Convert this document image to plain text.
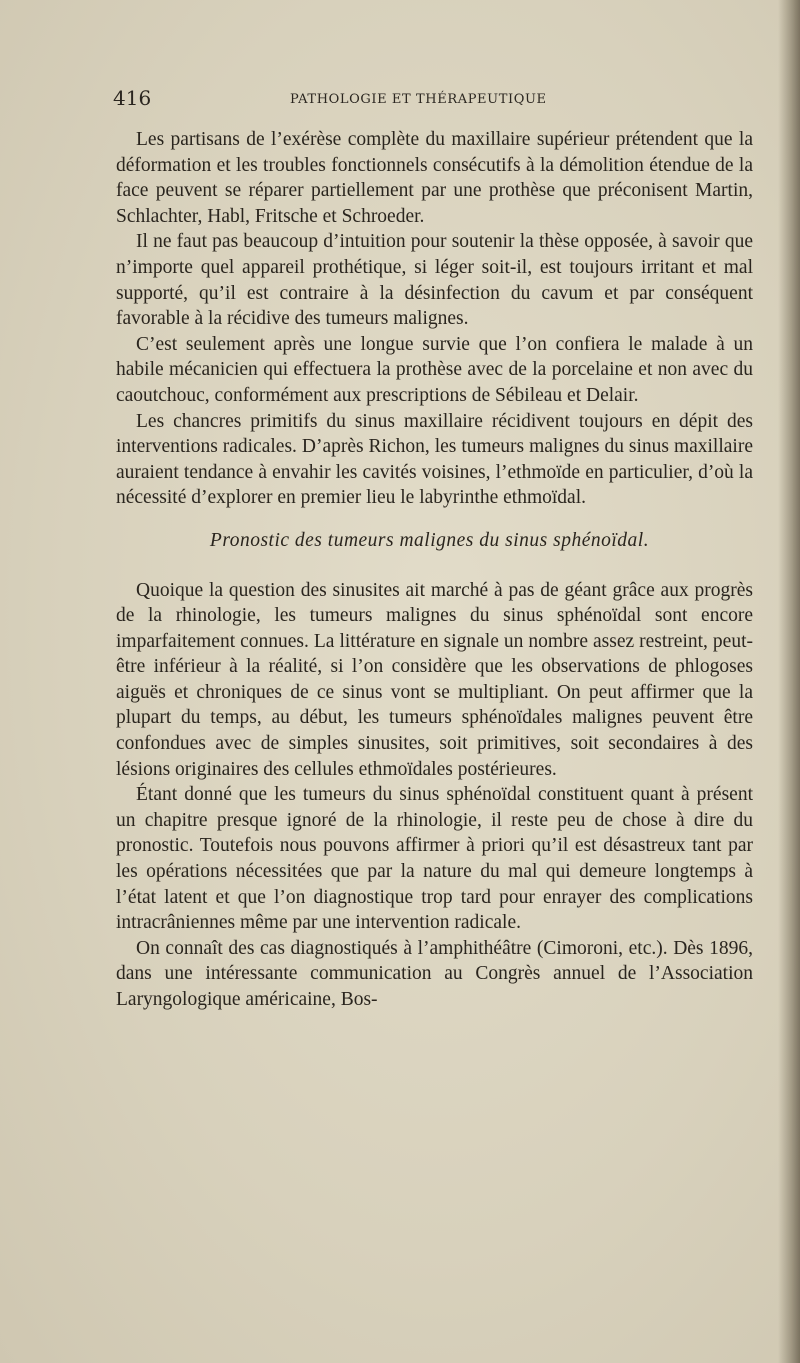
416	PATHOLOGIE ET THÉRAPEUTIQUE

Les partisans de l’exérèse complète du maxillaire supérieur prétendent que la déformation et les troubles fonctionnels consécutifs à la démolition étendue de la face peuvent se réparer partiellement par une prothèse que préconisent Martin, Schlachter, Habl, Fritsche et Schroeder.

Il ne faut pas beaucoup d’intuition pour soutenir la thèse opposée, à savoir que n’importe quel appareil prothétique, si léger soit-il, est toujours irritant et mal supporté, qu’il est contraire à la désinfection du cavum et par conséquent favorable à la récidive des tumeurs malignes.

C’est seulement après une longue survie que l’on confiera le malade à un habile mécanicien qui effectuera la prothèse avec de la porcelaine et non avec du caoutchouc, conformément aux prescriptions de Sébileau et Delair.

Les chancres primitifs du sinus maxillaire récidivent toujours en dépit des interventions radicales. D’après Richon, les tumeurs malignes du sinus maxillaire auraient tendance à envahir les cavités voisines, l’ethmoïde en particulier, d’où la nécessité d’explorer en premier lieu le labyrinthe ethmoïdal.

Pronostic des tumeurs malignes du sinus sphénoïdal.

Quoique la question des sinusites ait marché à pas de géant grâce aux progrès de la rhinologie, les tumeurs malignes du sinus sphénoïdal sont encore imparfaitement connues. La littérature en signale un nombre assez restreint, peut-être inférieur à la réalité, si l’on considère que les observations de phlogoses aiguës et chroniques de ce sinus vont se multipliant. On peut affirmer que la plupart du temps, au début, les tumeurs sphénoïdales malignes peuvent être confondues avec de simples sinusites, soit primitives, soit secondaires à des lésions originaires des cellules ethmoïdales postérieures.

Étant donné que les tumeurs du sinus sphénoïdal constituent quant à présent un chapitre presque ignoré de la rhinologie, il reste peu de chose à dire du pronostic. Toutefois nous pouvons affirmer à priori qu’il est désastreux tant par les opérations nécessitées que par la nature du mal qui demeure longtemps à l’état latent et que l’on diagnostique trop tard pour enrayer des complications intracrâniennes même par une intervention radicale.

On connaît des cas diagnostiqués à l’amphithéâtre (Cimoroni, etc.). Dès 1896, dans une intéressante communication au Congrès annuel de l’Association Laryngologique américaine, Bos-
